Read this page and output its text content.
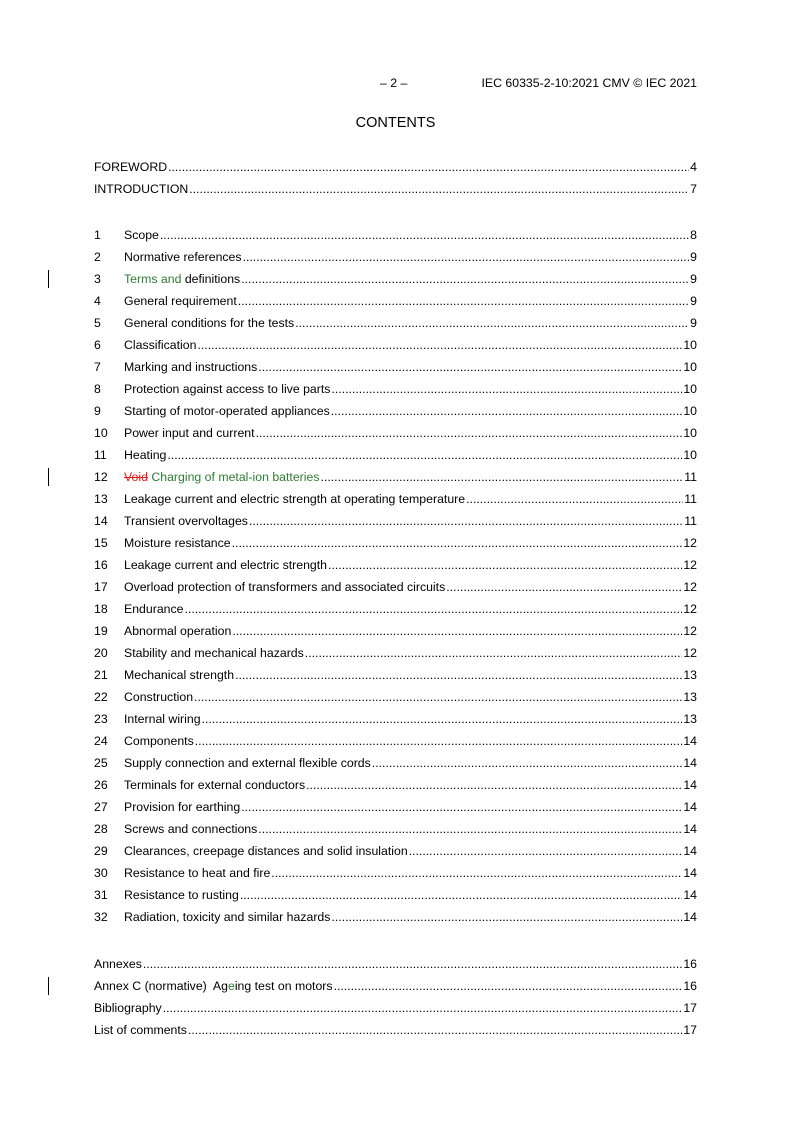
– 2 –	IEC 60335-2-10:2021 CMV © IEC 2021
CONTENTS
FOREWORD .....	4
INTRODUCTION .....	7
1	Scope .....	8
2	Normative references .....	9
3	Terms and definitions .....	9
4	General requirement .....	9
5	General conditions for the tests .....	9
6	Classification .....	10
7	Marking and instructions .....	10
8	Protection against access to live parts .....	10
9	Starting of motor-operated appliances .....	10
10	Power input and current .....	10
11	Heating .....	10
12	Void Charging of metal-ion batteries .....	11
13	Leakage current and electric strength at operating temperature .....	11
14	Transient overvoltages .....	11
15	Moisture resistance .....	12
16	Leakage current and electric strength .....	12
17	Overload protection of transformers and associated circuits .....	12
18	Endurance .....	12
19	Abnormal operation .....	12
20	Stability and mechanical hazards .....	12
21	Mechanical strength .....	13
22	Construction .....	13
23	Internal wiring .....	13
24	Components .....	14
25	Supply connection and external flexible cords .....	14
26	Terminals for external conductors .....	14
27	Provision for earthing .....	14
28	Screws and connections .....	14
29	Clearances, creepage distances and solid insulation .....	14
30	Resistance to heat and fire .....	14
31	Resistance to rusting .....	14
32	Radiation, toxicity and similar hazards .....	14
Annexes .....	16
Annex C (normative)  Ageing test on motors .....	16
Bibliography .....	17
List of comments .....	17
